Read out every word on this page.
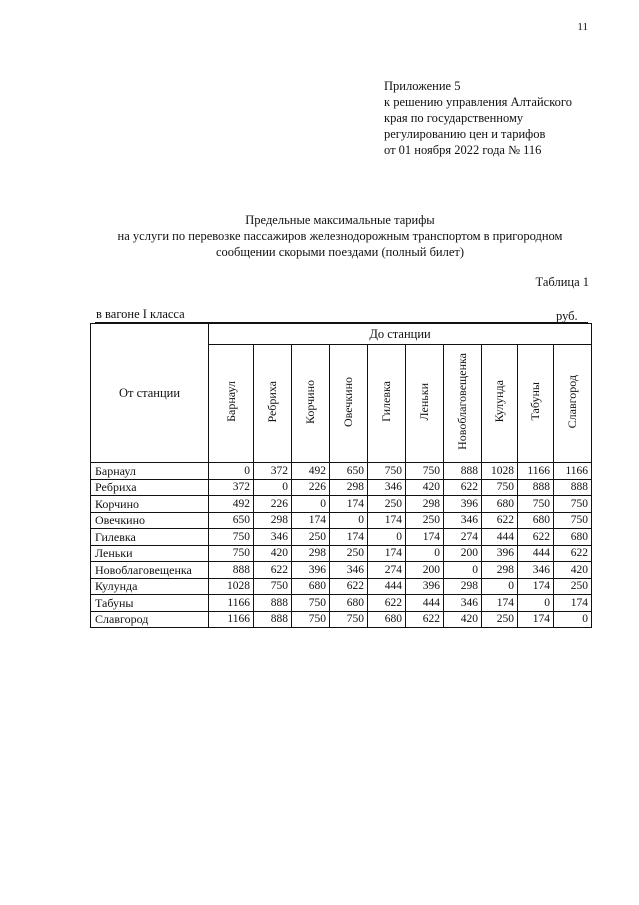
11
Приложение 5
к решению управления Алтайского
края по государственному
регулированию цен и тарифов
от 01 ноября 2022 года № 116
Предельные максимальные тарифы
на услуги по перевозке пассажиров железнодорожным транспортом в пригородном
сообщении скорыми поездами (полный билет)
Таблица 1
в вагоне I класса	руб.
От станции	До станции									
	Барнаул	Ребриха	Корчино	Овечкино	Гилевка	Леньки	Новоблаговещенка	Кулунда	Табуны	Славгород
Барнаул	0	372	492	650	750	750	888	1028	1166	1166
Ребриха	372	0	226	298	346	420	622	750	888	888
Корчино	492	226	0	174	250	298	396	680	750	750
Овечкино	650	298	174	0	174	250	346	622	680	750
Гилевка	750	346	250	174	0	174	274	444	622	680
Леньки	750	420	298	250	174	0	200	396	444	622
Новоблаговещенка	888	622	396	346	274	200	0	298	346	420
Кулунда	1028	750	680	622	444	396	298	0	174	250
Табуны	1166	888	750	680	622	444	346	174	0	174
Славгород	1166	888	750	750	680	622	420	250	174	0
